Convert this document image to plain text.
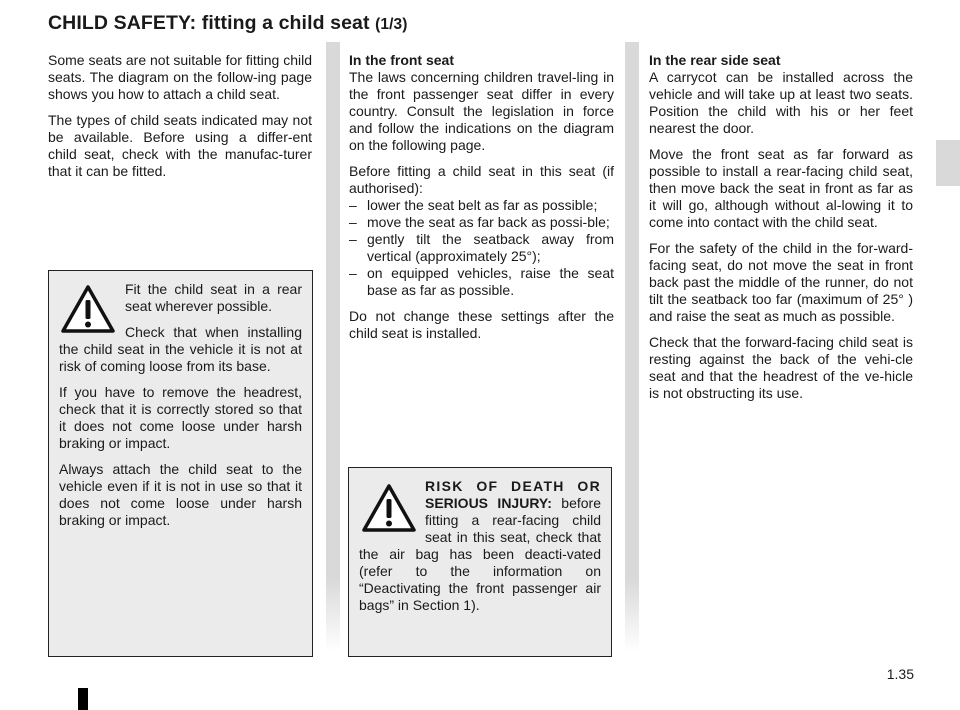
CHILD SAFETY: fitting a child seat (1/3)

Some seats are not suitable for fitting child seats. The diagram on the follow-ing page shows you how to attach a child seat.

The types of child seats indicated may not be available. Before using a differ-ent child seat, check with the manufac-turer that it can be fitted.

Fit the child seat in a rear seat wherever possible.

Check that when installing the child seat in the vehicle it is not at risk of coming loose from its base.

If you have to remove the headrest, check that it is correctly stored so that it does not come loose under harsh braking or impact.

Always attach the child seat to the vehicle even if it is not in use so that it does not come loose under harsh braking or impact.

In the front seat

The laws concerning children travel-ling in the front passenger seat differ in every country. Consult the legislation in force and follow the indications on the diagram on the following page.

Before fitting a child seat in this seat (if authorised):

– lower the seat belt as far as possible;
– move the seat as far back as possi-ble;
– gently tilt the seatback away from vertical (approximately 25°);
– on equipped vehicles, raise the seat base as far as possible.

Do not change these settings after the child seat is installed.

RISK OF DEATH OR SERIOUS INJURY: before fitting a rear-facing child seat in this seat, check that the air bag has been deacti-vated (refer to the information on “Deactivating the front passenger air bags” in Section 1).

In the rear side seat

A carrycot can be installed across the vehicle and will take up at least two seats. Position the child with his or her feet nearest the door.

Move the front seat as far forward as possible to install a rear-facing child seat, then move back the seat in front as far as it will go, although without al-lowing it to come into contact with the child seat.

For the safety of the child in the for-ward-facing seat, do not move the seat in front back past the middle of the runner, do not tilt the seatback too far (maximum of 25° ) and raise the seat as much as possible.

Check that the forward-facing child seat is resting against the back of the vehi-cle seat and that the headrest of the ve-hicle is not obstructing its use.

1.35
